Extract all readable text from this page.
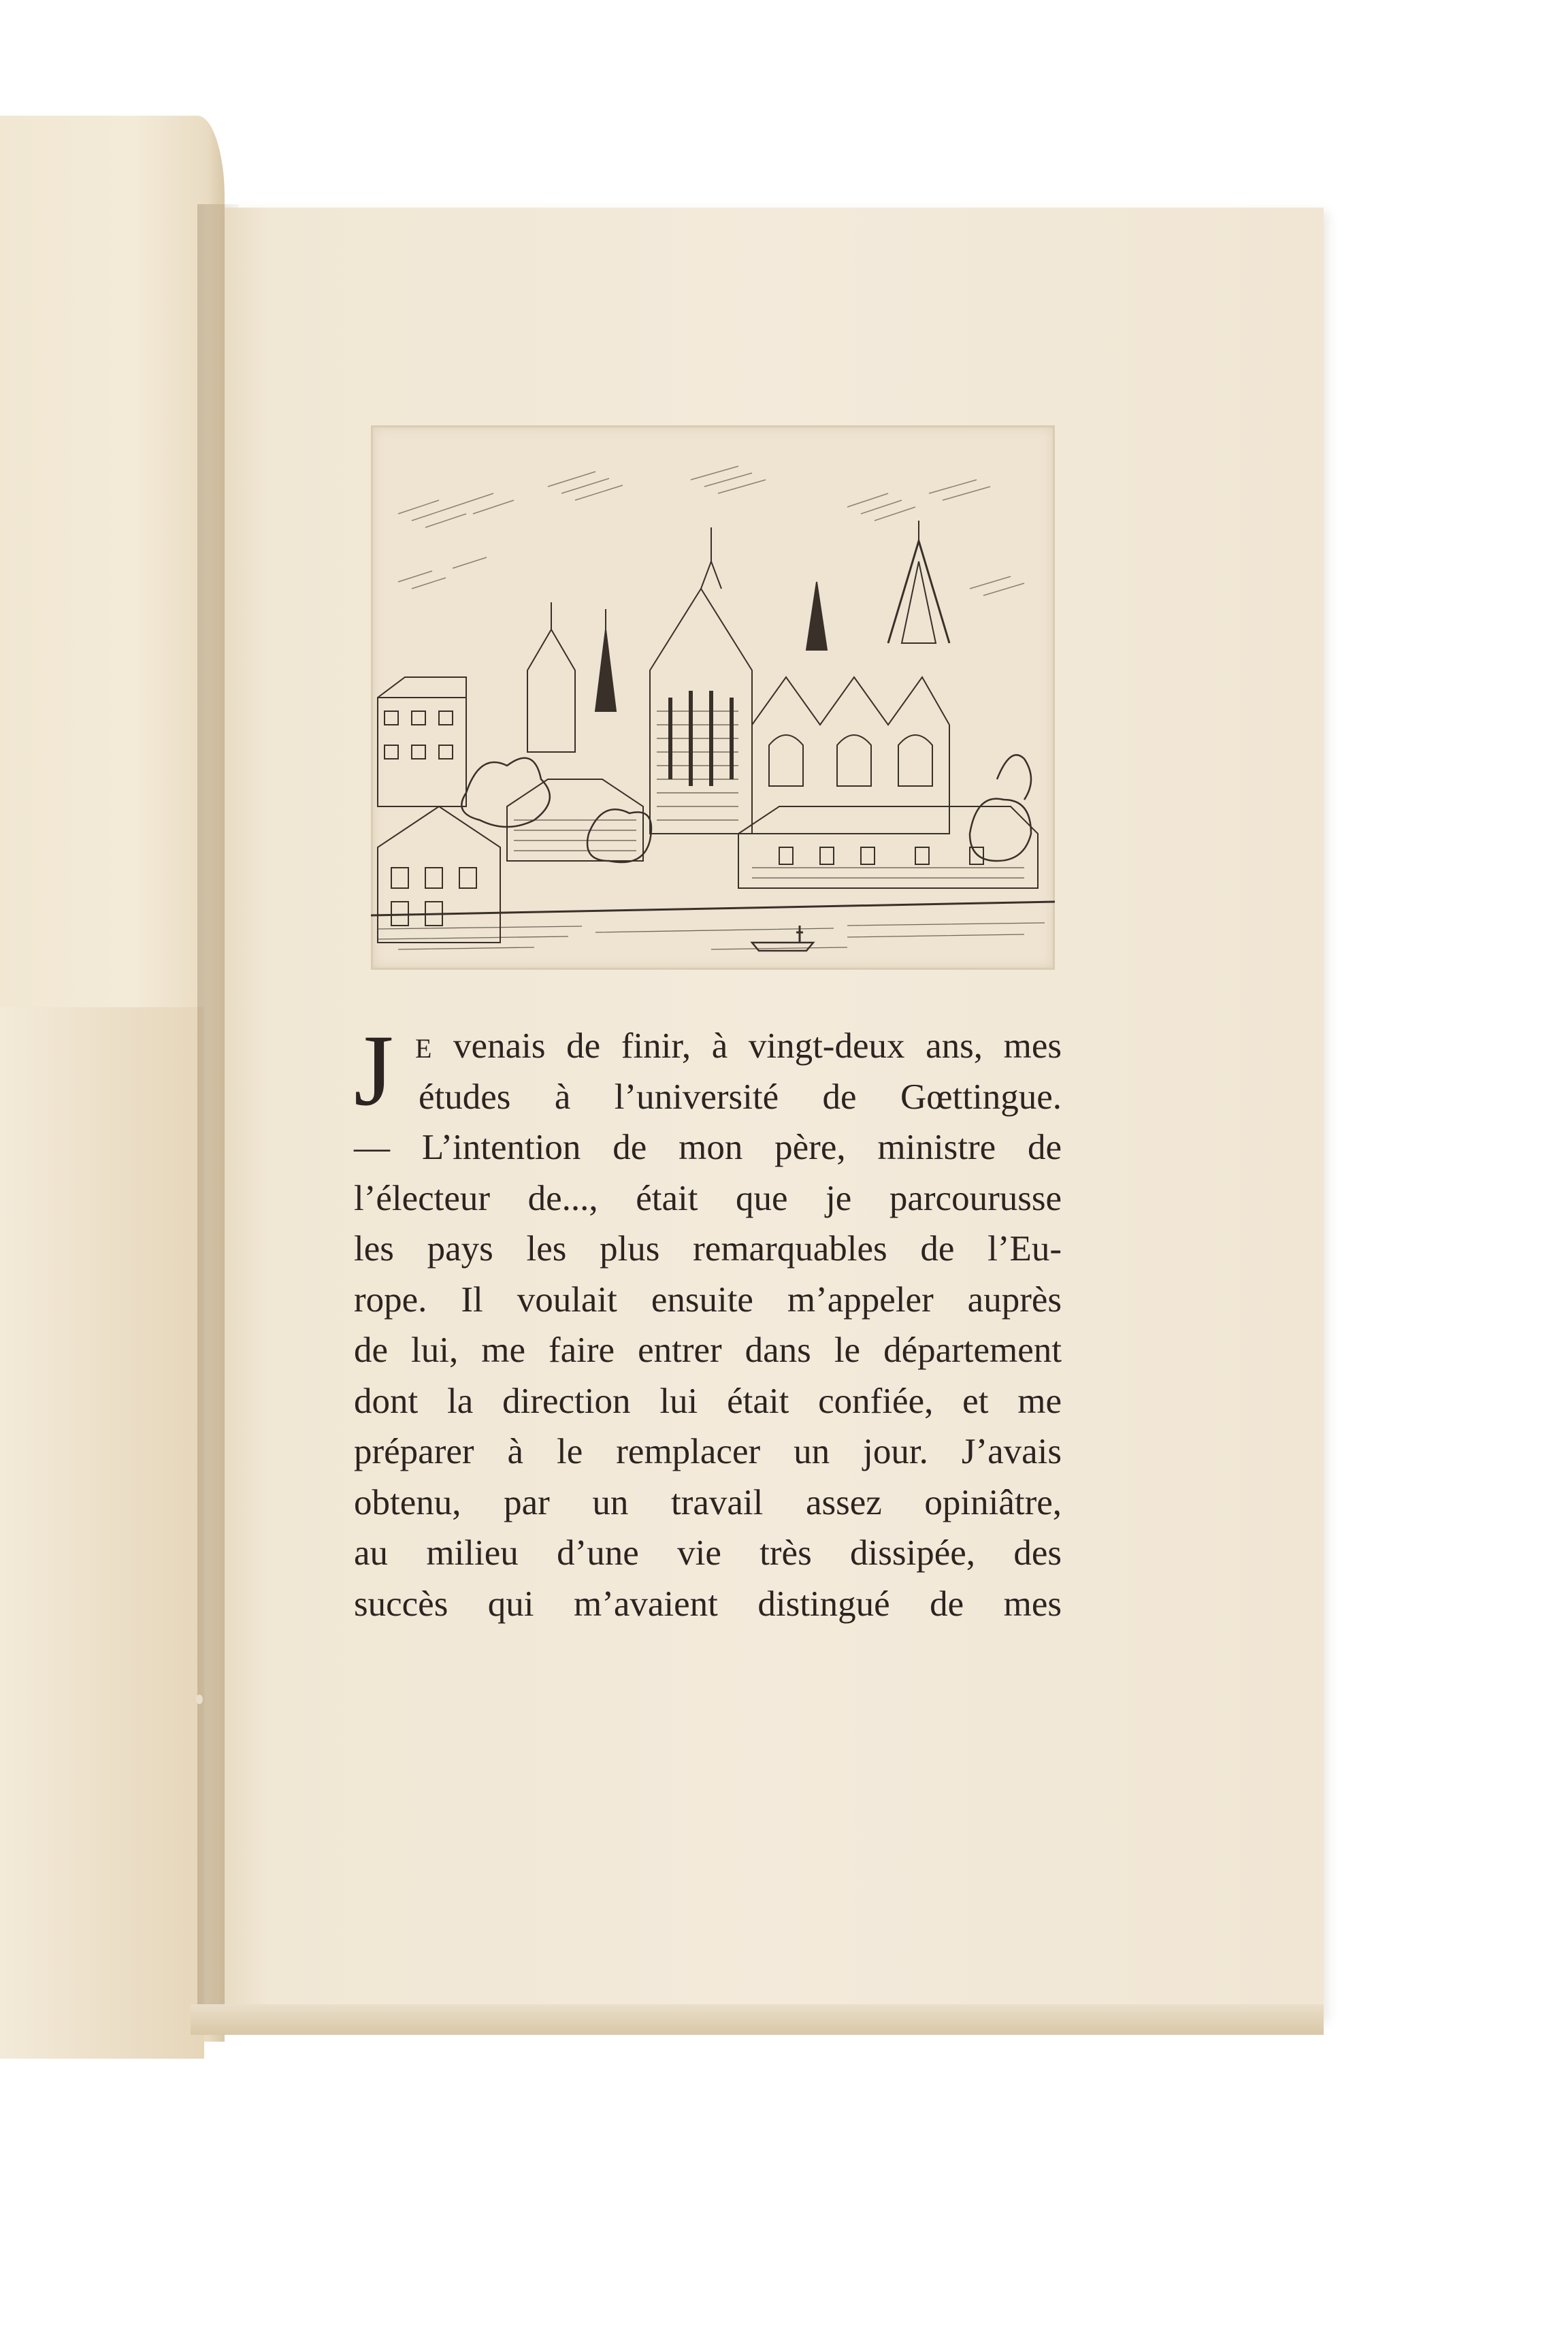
J E venais de finir, à vingt-deux ans, mes
études à l’université de Gœttingue.
— L’intention de mon père, ministre de
l’électeur de..., était que je parcourusse
les pays les plus remarquables de l’Eu-
rope. Il voulait ensuite m’appeler auprès
de lui, me faire entrer dans le département
dont la direction lui était confiée, et me
préparer à le remplacer un jour. J’avais
obtenu, par un travail assez opiniâtre,
au milieu d’une vie très dissipée, des
succès qui m’avaient distingué de mes
